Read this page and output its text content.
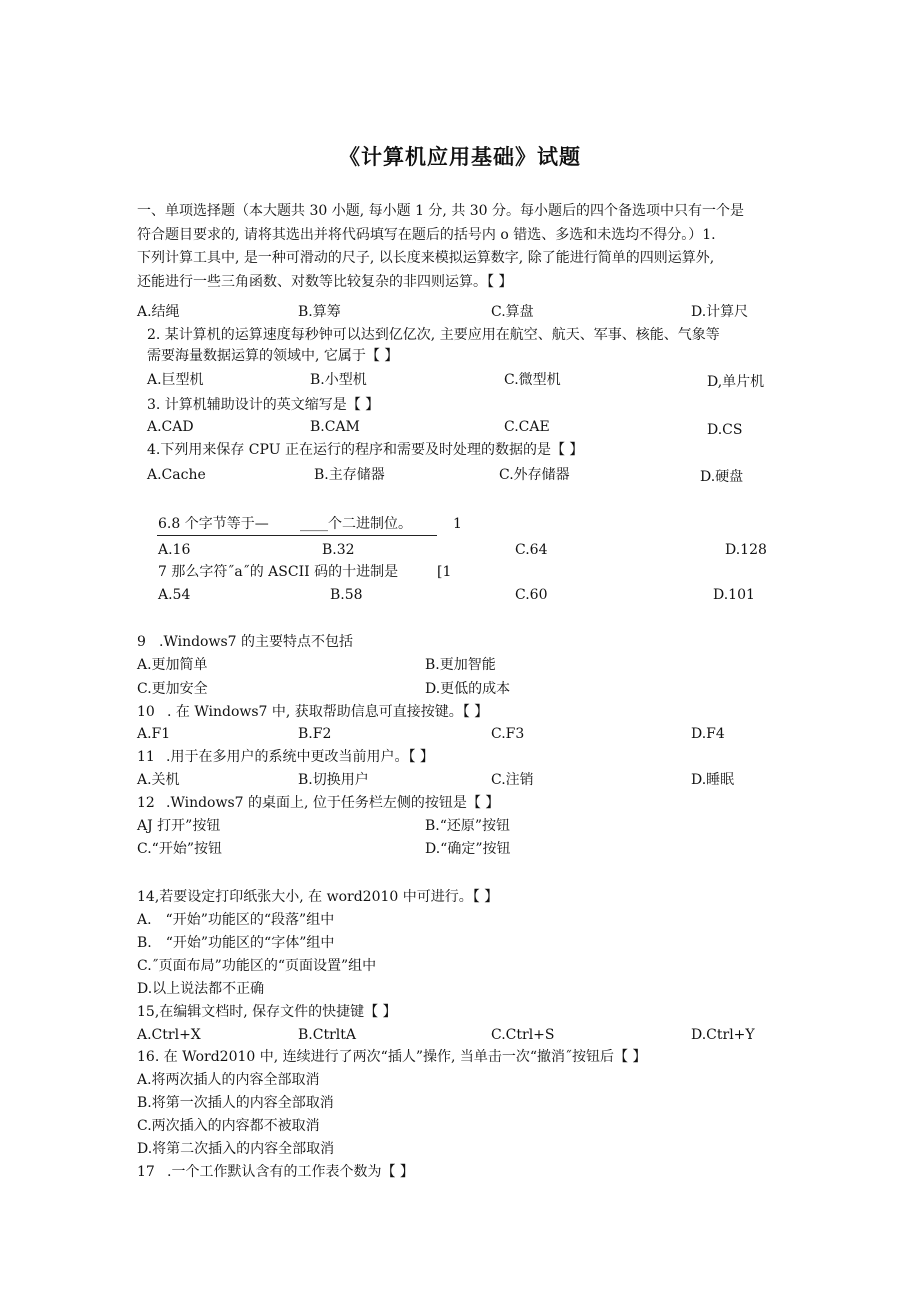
《计算机应用基础》试题
一、单项选择题（本大题共 30 小题, 每小题 1 分, 共 30 分。每小题后的四个备选项中只有一个是
符合题目要求的, 请将其选出并将代码填写在题后的括号内 o 错选、多选和未选均不得分。）1.
下列计算工具中, 是一种可滑动的尺子, 以长度来模拟运算数字, 除了能进行简单的四则运算外,
还能进行一些三角函数、对数等比较复杂的非四则运算。【 】
A.结绳	B.算筹	C.算盘	D.计算尺
2. 某计算机的运算速度每秒钟可以达到亿亿次, 主要应用在航空、航天、军事、核能、气象等
需要海量数据运算的领域中, 它属于【 】
A.巨型机	B.小型机	C.微型机	D,单片机
3. 计算机辅助设计的英文缩写是【 】
A.CAD	B.CAM	C.CAE	D.CS
4.下列用来保存 CPU 正在运行的程序和需要及时处理的数据的是【 】
A.Cache	B.主存储器	C.外存储器	D.硬盘
6.8 个字节等于— ____个二进制位。	1
A.16	B.32	C.64	D.128
7 那么字符˝a˝的 ASCII 码的十进制是	[1
A.54	B.58	C.60	D.101
9 .Windows7 的主要特点不包括
A.更加简单	B.更加智能
C.更加安全	D.更低的成本
10 . 在 Windows7 中, 获取帮助信息可直接按键。【 】
A.F1	B.F2	C.F3	D.F4
11 .用于在多用户的系统中更改当前用户。【 】
A.关机	B.切换用户	C.注销	D.睡眠
12 .Windows7 的桌面上, 位于任务栏左侧的按钮是【 】
AJ 打开”按钮	B.“还原”按钮
C.“开始”按钮	D.“确定”按钮
14,若要设定打印纸张大小, 在 word2010 中可进行。【 】
A.　“开始”功能区的“段落”组中
B.　“开始”功能区的“字体”组中
C.˝页面布局”功能区的“页面设置”组中
D.以上说法都不正确
15,在编辑文档时, 保存文件的快捷键【 】
A.Ctrl+X	B.CtrltA	C.Ctrl+S	D.Ctrl+Y
16. 在 Word2010 中, 连续进行了两次“插人”操作, 当单击一次“撤消˝按钮后【 】
A.将两次插人的内容全部取消
B.将第一次插人的内容全部取消
C.两次插入的内容都不被取消
D.将第二次插入的内容全部取消
17 .一个工作默认含有的工作表个数为【 】
